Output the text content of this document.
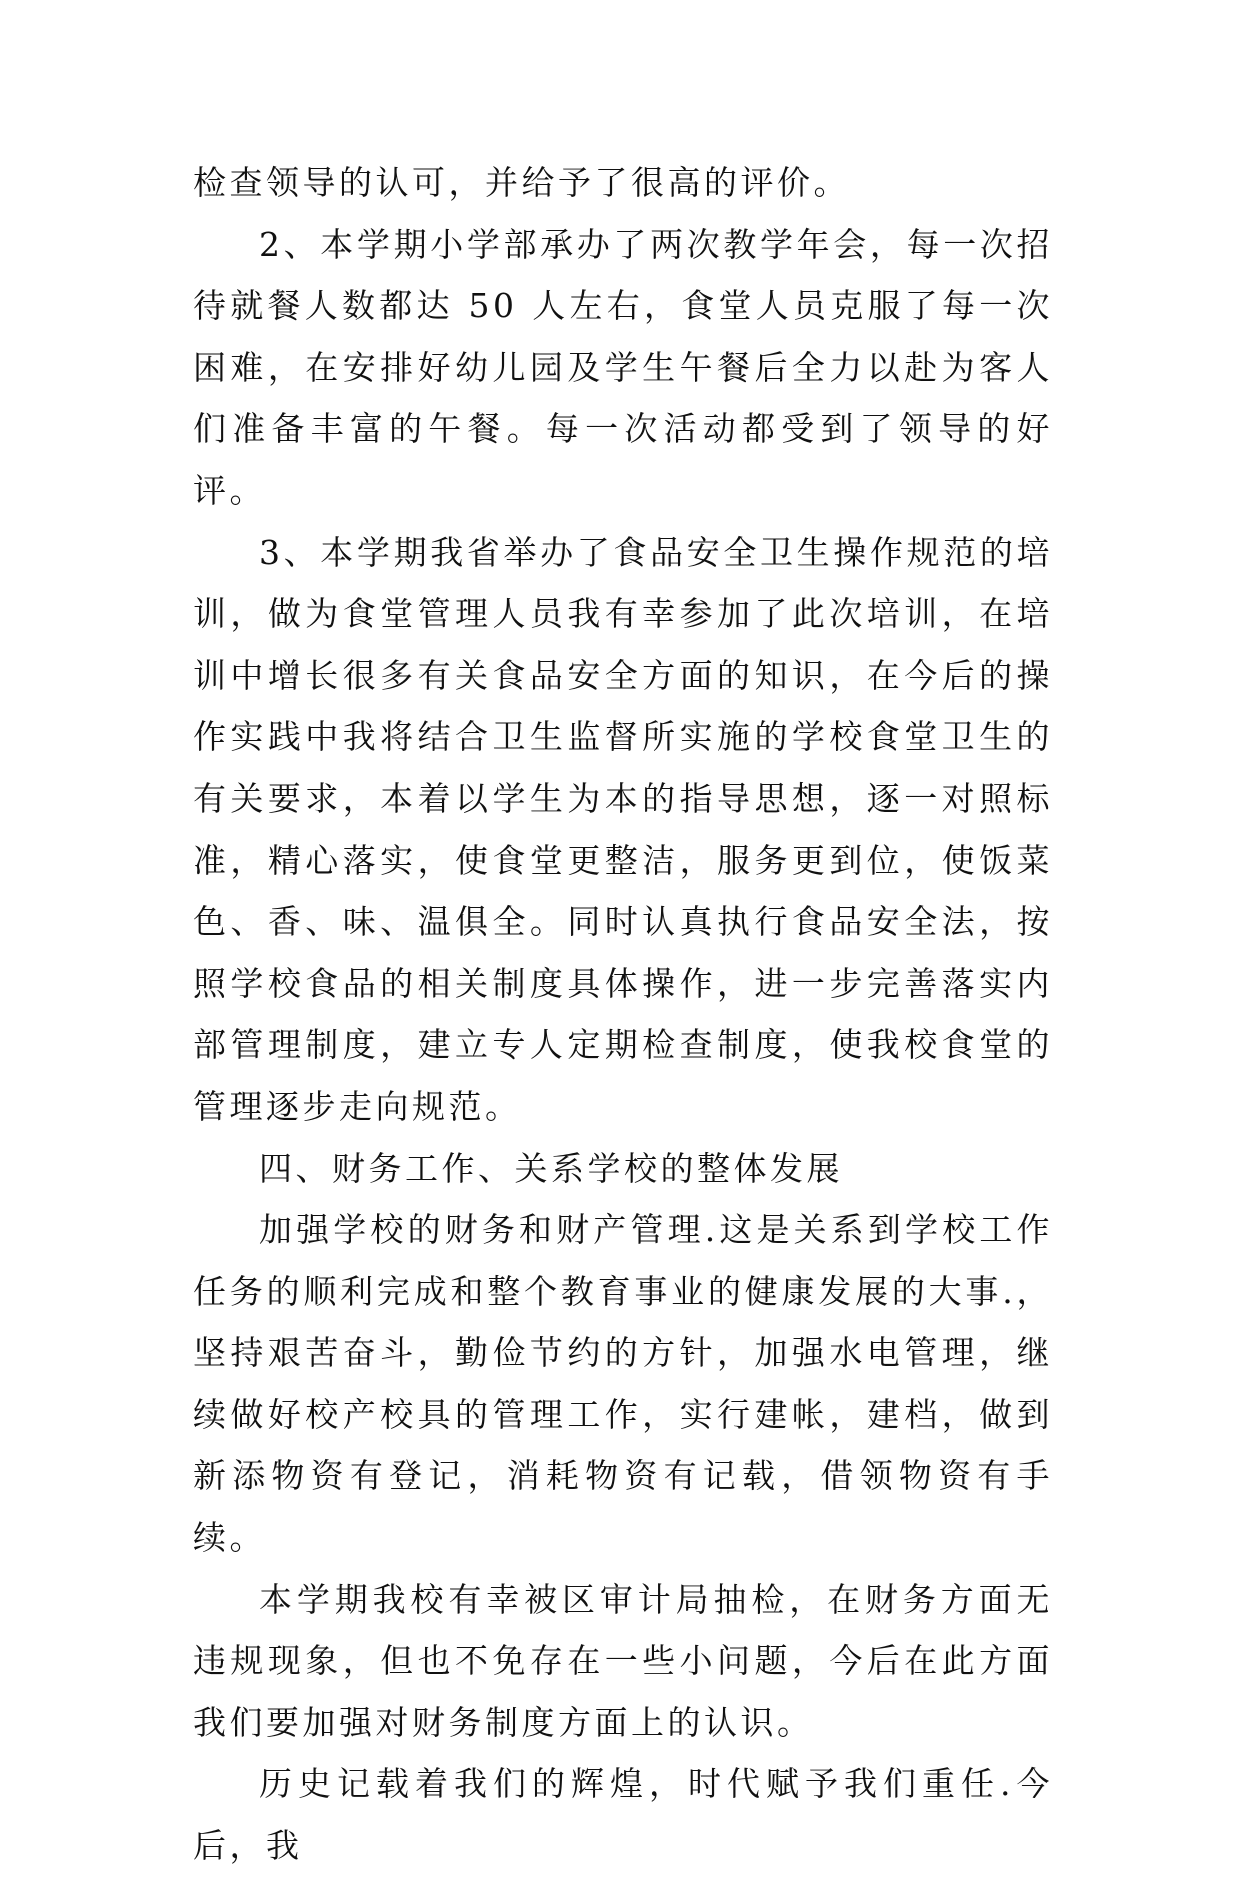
检查领导的认可，并给予了很高的评价。

2、本学期小学部承办了两次教学年会，每一次招待就餐人数都达 50 人左右，食堂人员克服了每一次困难，在安排好幼儿园及学生午餐后全力以赴为客人们准备丰富的午餐。每一次活动都受到了领导的好评。

3、本学期我省举办了食品安全卫生操作规范的培训，做为食堂管理人员我有幸参加了此次培训，在培训中增长很多有关食品安全方面的知识，在今后的操作实践中我将结合卫生监督所实施的学校食堂卫生的有关要求，本着以学生为本的指导思想，逐一对照标准，精心落实，使食堂更整洁，服务更到位，使饭菜色、香、味、温俱全。同时认真执行食品安全法，按照学校食品的相关制度具体操作，进一步完善落实内部管理制度，建立专人定期检查制度，使我校食堂的管理逐步走向规范。

四、财务工作、关系学校的整体发展

加强学校的财务和财产管理.这是关系到学校工作任务的顺利完成和整个教育事业的健康发展的大事.，坚持艰苦奋斗，勤俭节约的方针，加强水电管理，继续做好校产校具的管理工作，实行建帐，建档，做到新添物资有登记，消耗物资有记载，借领物资有手续。

本学期我校有幸被区审计局抽检，在财务方面无违规现象，但也不免存在一些小问题，今后在此方面我们要加强对财务制度方面上的认识。

历史记载着我们的辉煌，时代赋予我们重任.今后，我
